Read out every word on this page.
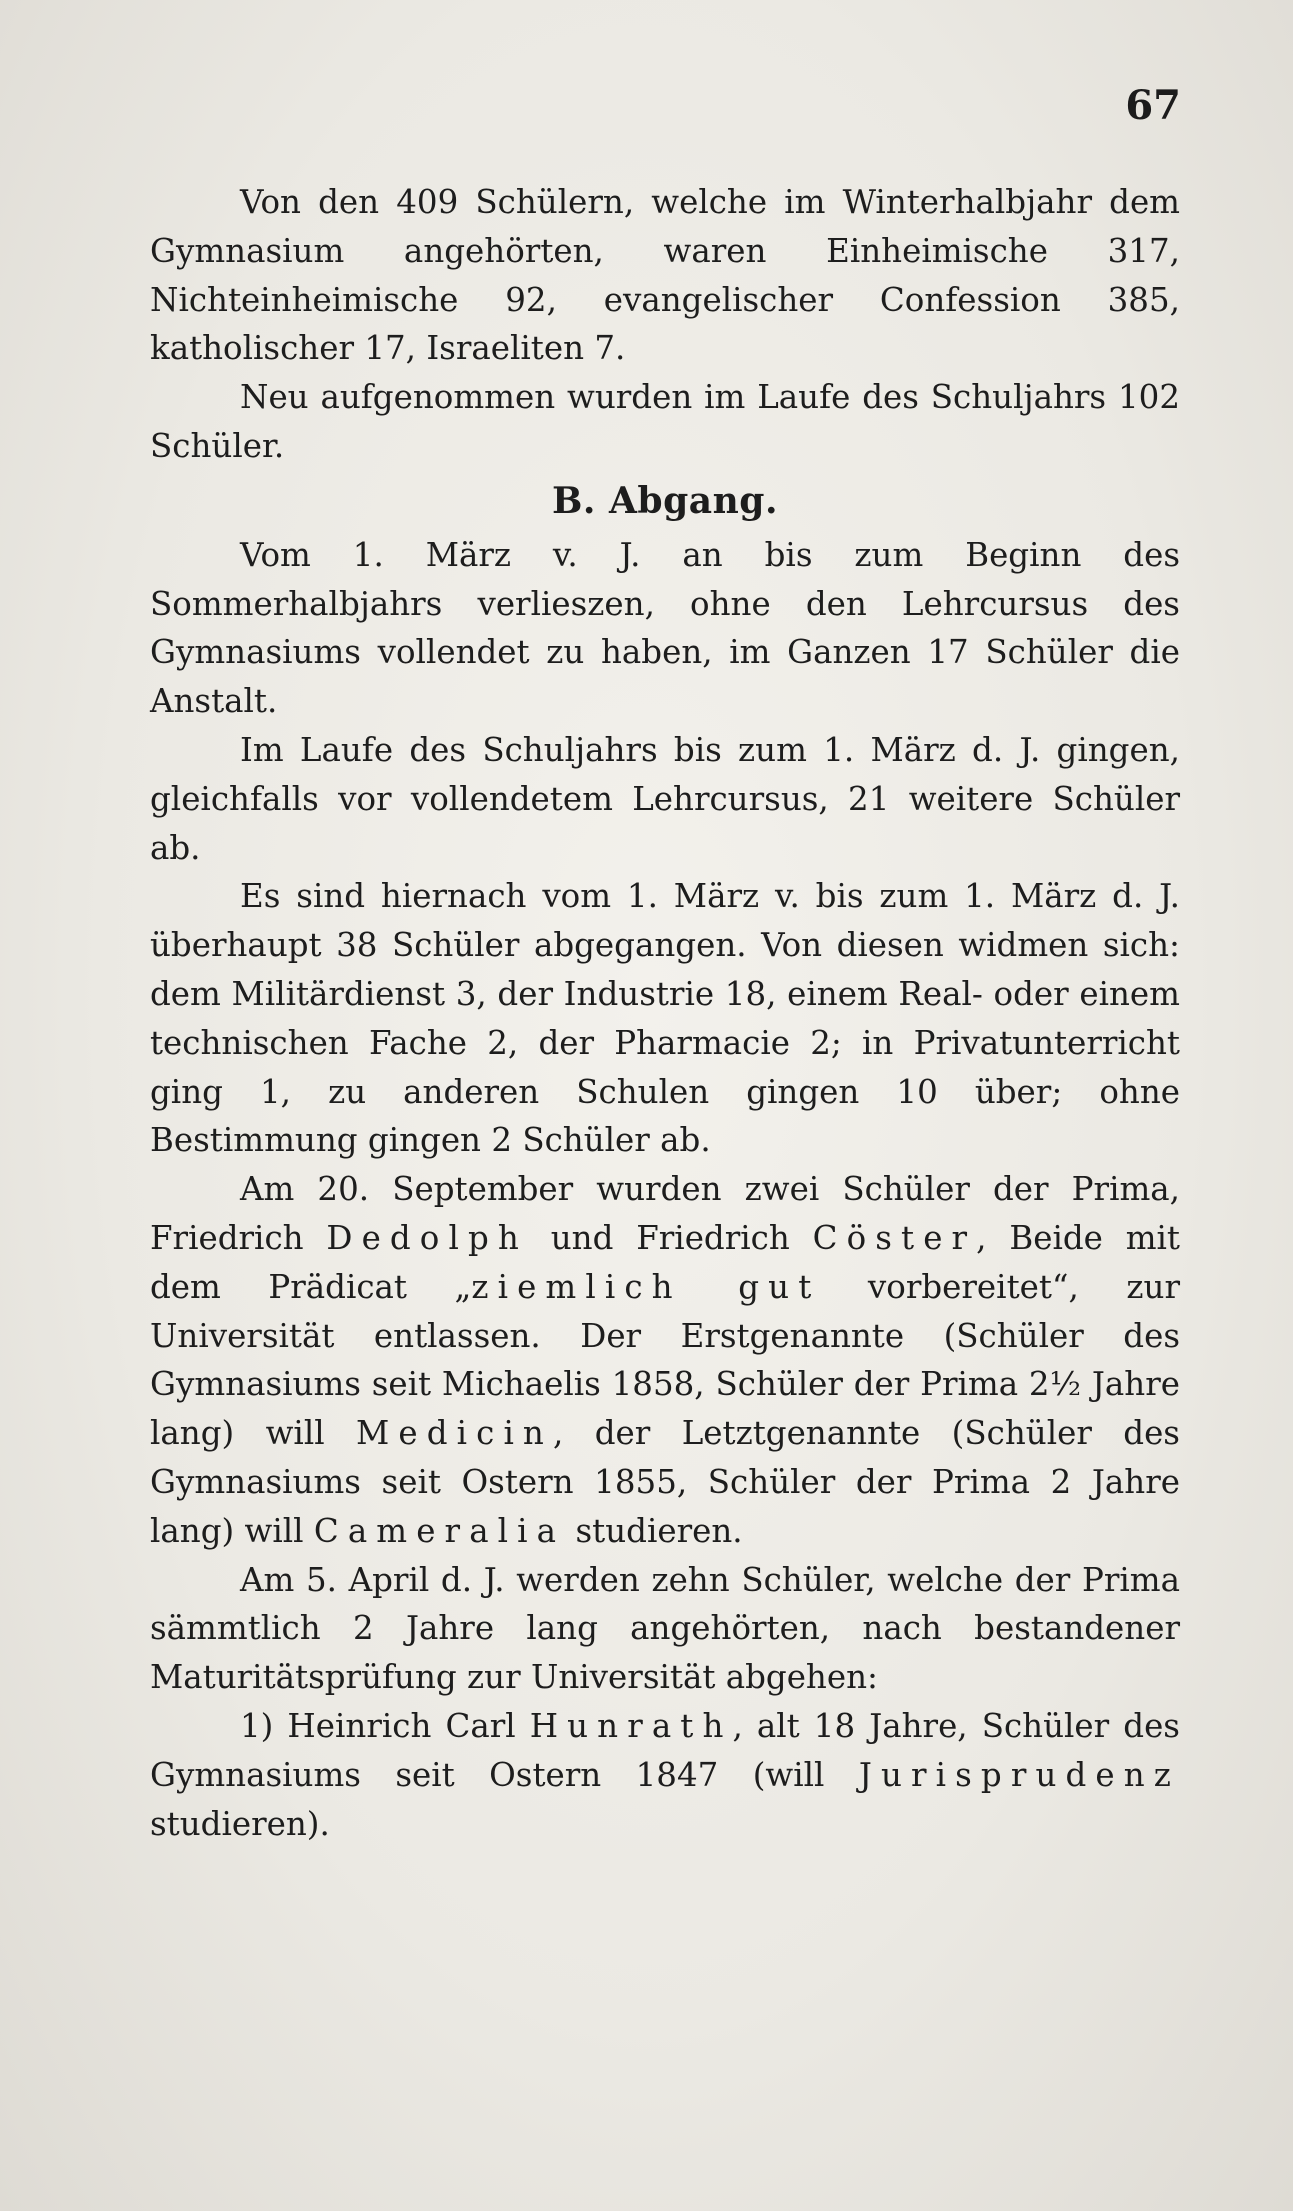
67

Von den 409 Schülern, welche im Winterhalbjahr dem Gymnasium angehörten, waren Einheimische 317, Nichteinheimische 92, evangelischer Confession 385, katholischer 17, Israeliten 7.

Neu aufgenommen wurden im Laufe des Schuljahrs 102 Schüler.

B. Abgang.

Vom 1. März v. J. an bis zum Beginn des Sommerhalbjahrs verlieszen, ohne den Lehrcursus des Gymnasiums vollendet zu haben, im Ganzen 17 Schüler die Anstalt.

Im Laufe des Schuljahrs bis zum 1. März d. J. gingen, gleichfalls vor vollendetem Lehrcursus, 21 weitere Schüler ab.

Es sind hiernach vom 1. März v. bis zum 1. März d. J. überhaupt 38 Schüler abgegangen. Von diesen widmen sich: dem Militärdienst 3, der Industrie 18, einem Real- oder einem technischen Fache 2, der Pharmacie 2; in Privatunterricht ging 1, zu anderen Schulen gingen 10 über; ohne Bestimmung gingen 2 Schüler ab.

Am 20. September wurden zwei Schüler der Prima, Friedrich Dedolph und Friedrich Cöster, Beide mit dem Prädicat „ziemlich gut vorbereitet“, zur Universität entlassen. Der Erstgenannte (Schüler des Gymnasiums seit Michaelis 1858, Schüler der Prima 2½ Jahre lang) will Medicin, der Letztgenannte (Schüler des Gymnasiums seit Ostern 1855, Schüler der Prima 2 Jahre lang) will Cameralia studieren.

Am 5. April d. J. werden zehn Schüler, welche der Prima sämmtlich 2 Jahre lang angehörten, nach bestandener Maturitätsprüfung zur Universität abgehen:

1) Heinrich Carl Hunrath, alt 18 Jahre, Schüler des Gymnasiums seit Ostern 1847 (will Jurisprudenz studieren).
